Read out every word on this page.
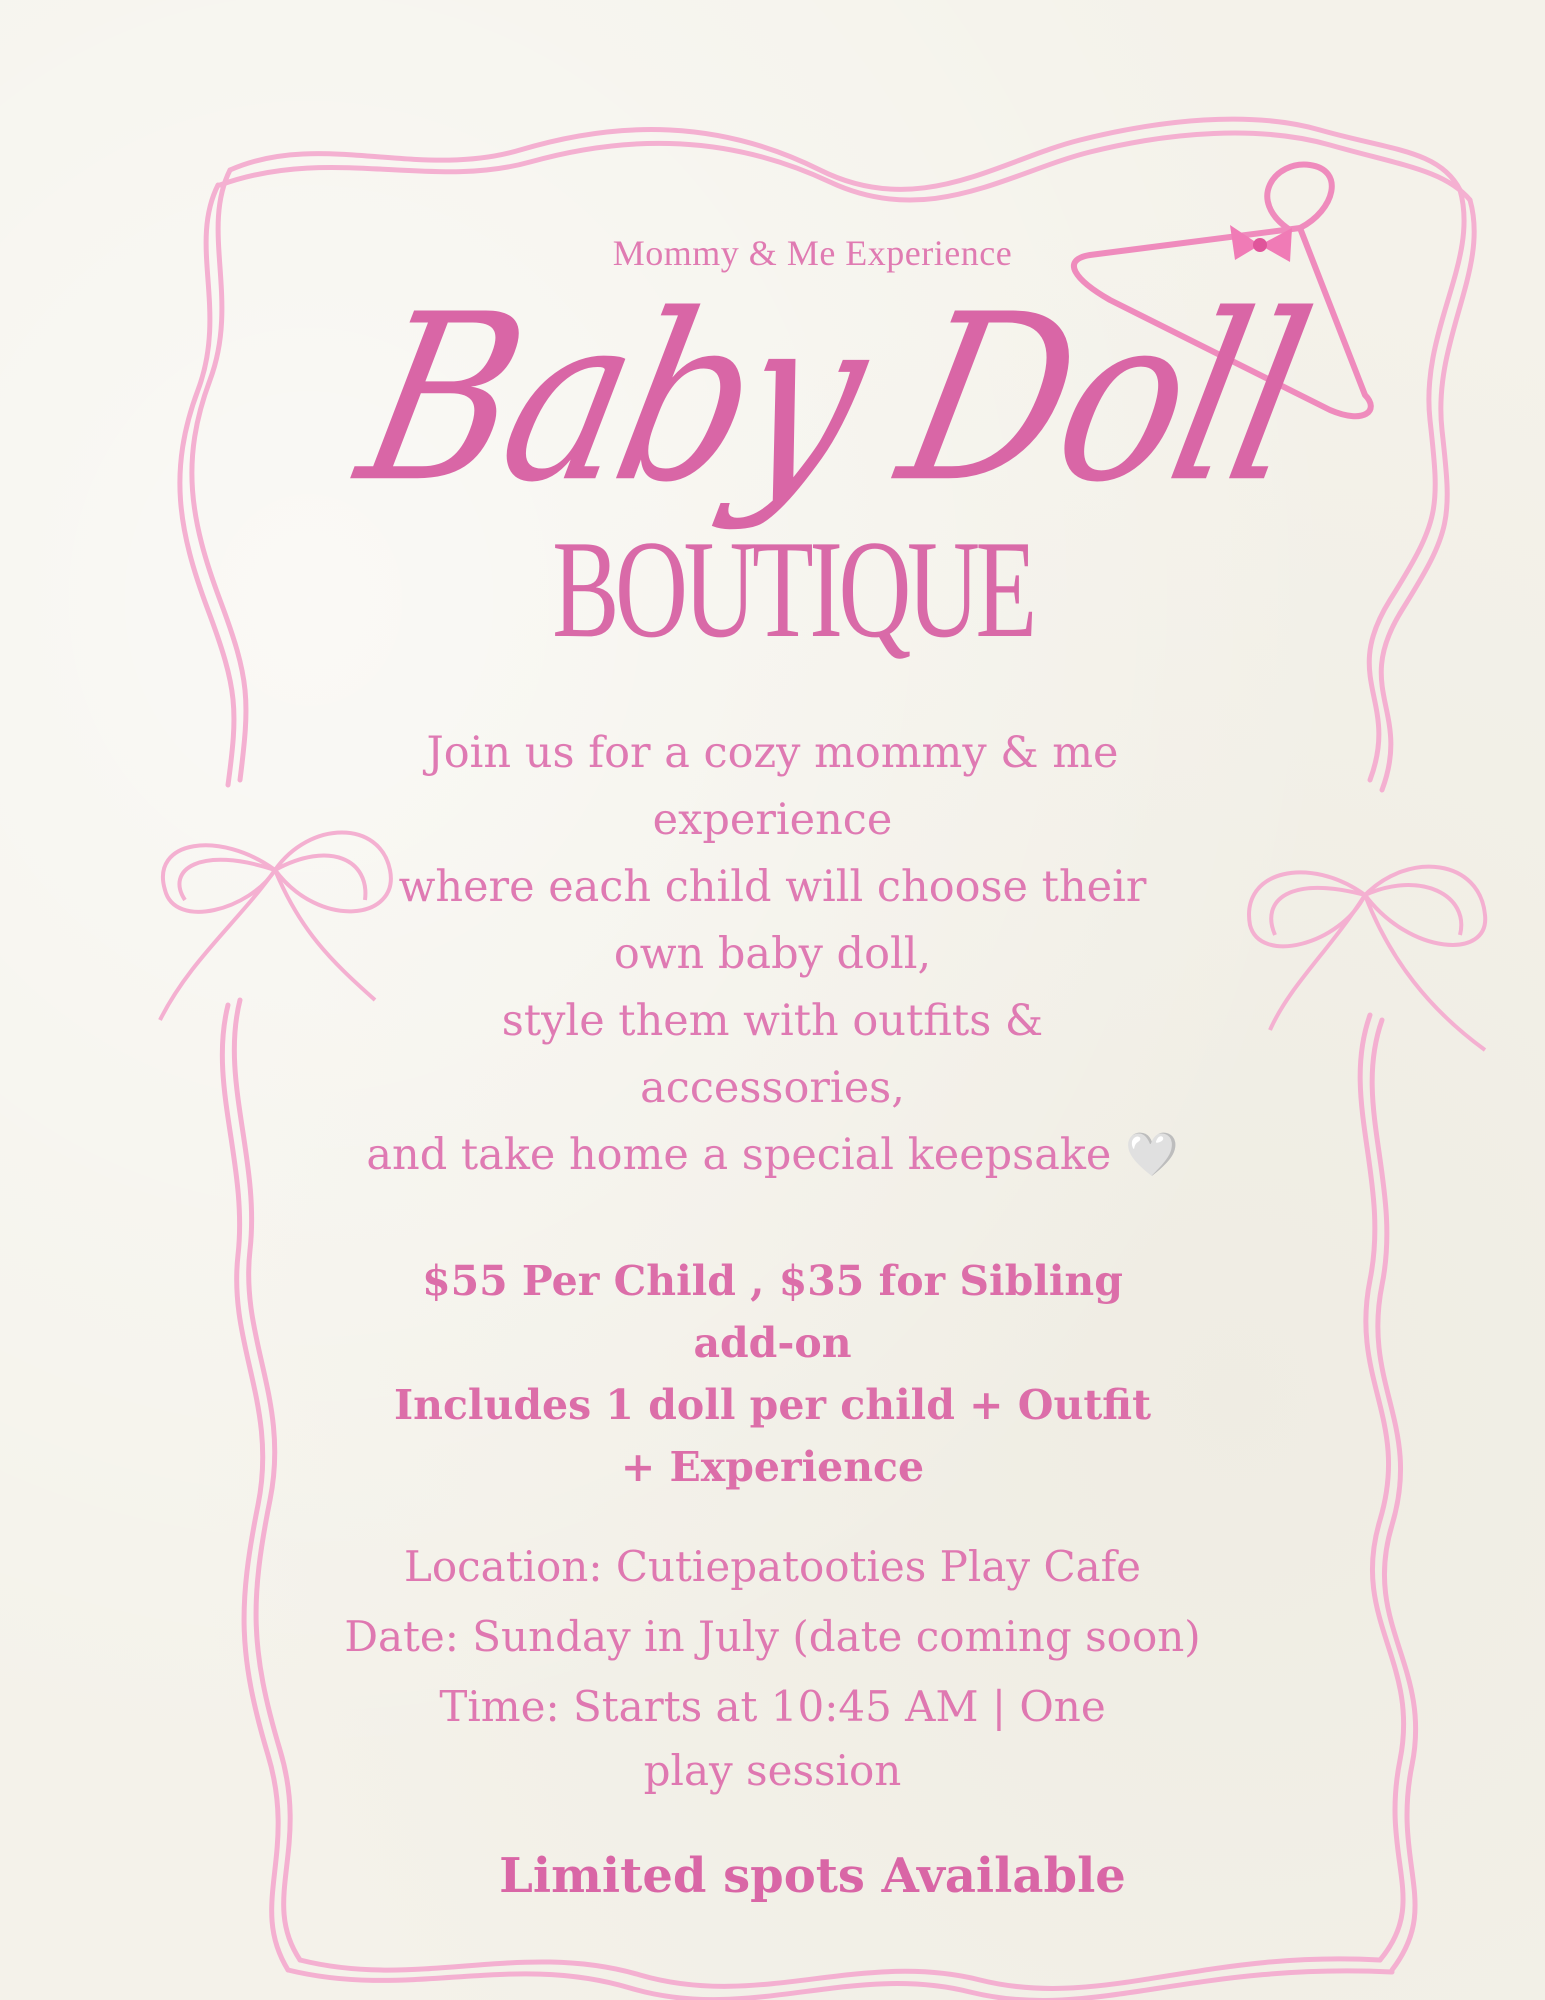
Mommy & Me Experience
Baby Doll
BOUTIQUE
Join us for a cozy mommy & me
experience
where each child will choose their
own baby doll,
style them with outfits &
accessories,
and take home a special keepsake 🤍
$55 Per Child , $35 for Sibling
add-on
Includes 1 doll per child + Outfit
+ Experience
Location: Cutiepatooties Play Cafe
Date: Sunday in July (date coming soon)
Time: Starts at 10:45 AM | One
play session
Limited spots Available
